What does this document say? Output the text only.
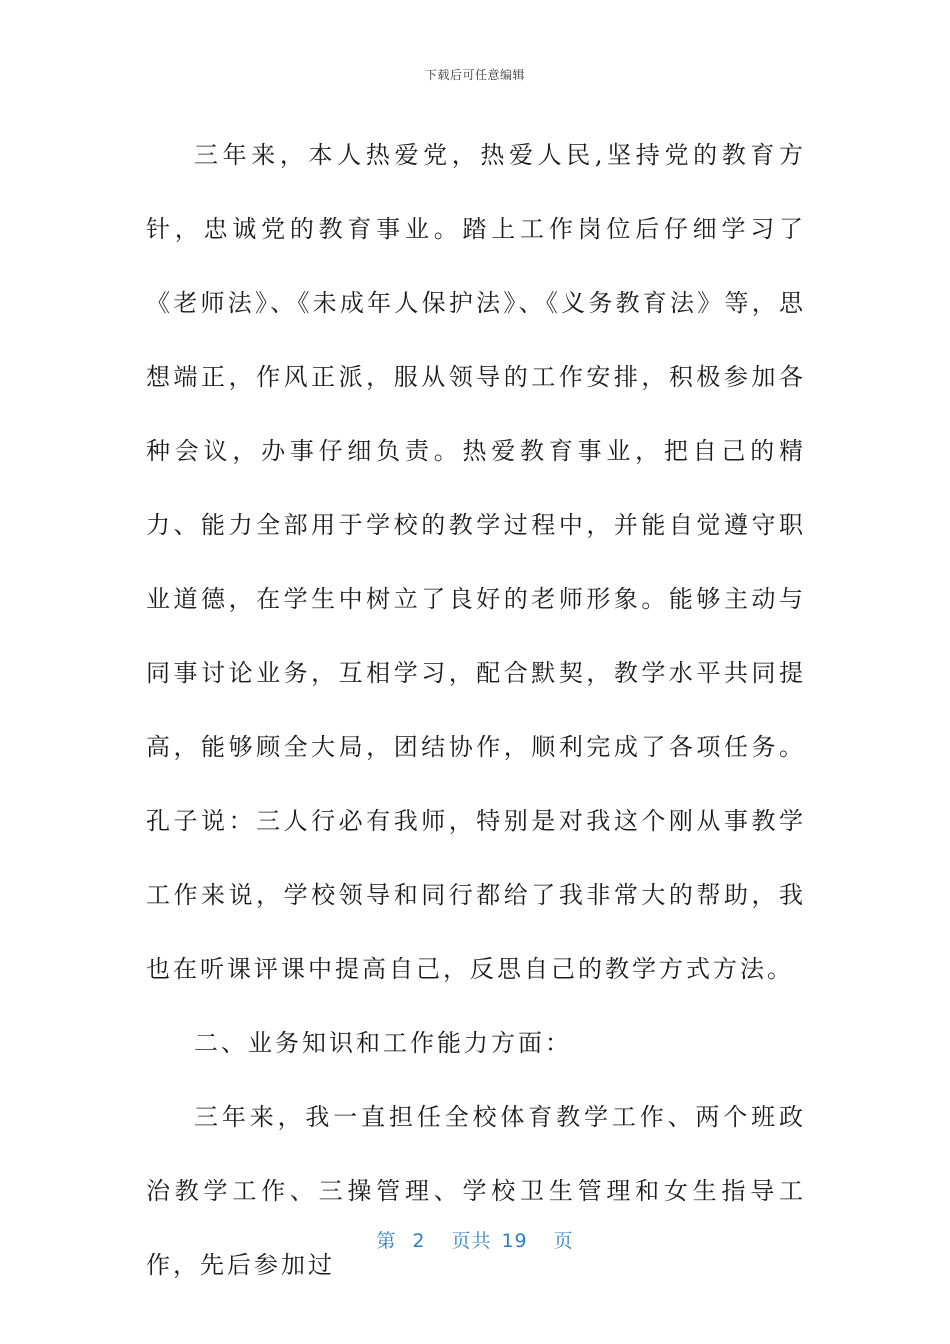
下载后可任意编辑

三年来，本人热爱党，热爱人民,坚持党的教育方针，忠诚党的教育事业。踏上工作岗位后仔细学习了《老师法》、《未成年人保护法》、《义务教育法》等，思想端正，作风正派，服从领导的工作安排，积极参加各种会议，办事仔细负责。热爱教育事业，把自己的精力、能力全部用于学校的教学过程中，并能自觉遵守职业道德，在学生中树立了良好的老师形象。能够主动与同事讨论业务，互相学习，配合默契，教学水平共同提高，能够顾全大局，团结协作，顺利完成了各项任务。孔子说：三人行必有我师，特别是对我这个刚从事教学工作来说，学校领导和同行都给了我非常大的帮助，我也在听课评课中提高自己，反思自己的教学方式方法。

二、业务知识和工作能力方面：

三年来，我一直担任全校体育教学工作、两个班政治教学工作、三操管理、学校卫生管理和女生指导工作，先后参加过

第 2 页共 19 页
